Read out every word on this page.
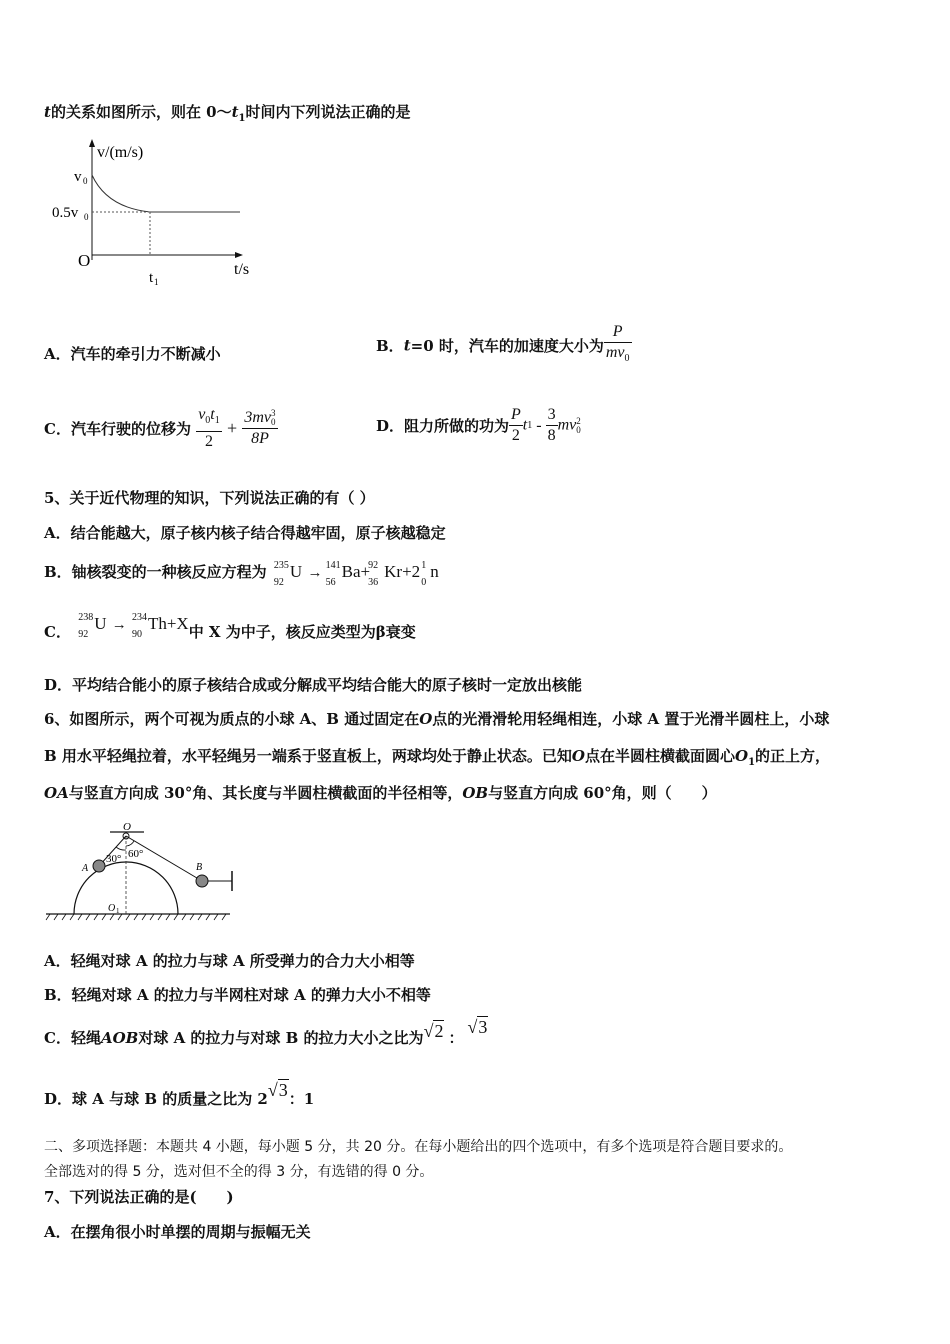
t的关系如图所示，则在 $0\sim t_1$时间内下列说法正确的是
v/(m/s)
v 0
0.5v 0
O
t 1
t/s
A．汽车的牵引力不断减小	B．t=0 时，汽车的加速度大小为 $\frac{P}{mv_0}$
C．汽车行驶的位移为 $\frac{v_0t_1}{2} + 3mv$ 3
0
8P	D．阻力所做的功为 $\frac{P}{2} t1 - \frac{3}{8}$ mv 2
0
5、关于近代物理的知识，下列说法正确的有（ ）
A．结合能越大，原子核内核子结合得越牢固，原子核越稳定
B．铀核裂变的一种核反应方程为 235
92
U → 141
56
Ba+
92
36
Kr+2 1
0
n
C．
238
92
U → 234
90
Th+X中 X 为中子，核反应类型为β衰变
D．平均结合能小的原子核结合成或分解成平均结合能大的原子核时一定放出核能
6、如图所示，两个可视为质点的小球 A、B 通过固定在O点的光滑滑轮用轻绳相连，小球 A 置于光滑半圆柱上，小球
B 用水平轻绳拉着，水平轻绳另一端系于竖直板上，两球均处于静止状态。已知O点在半圆柱横截面圆心$O_1$的正上方，
OA与竖直方向成 30°角、其长度与半圆柱横截面的半径相等，OB与竖直方向成 60°角，则（　　）
O
A	B
30° 60°
O 1
A．轻绳对球 A 的拉力与球 A 所受弹力的合力大小相等
B．轻绳对球 A 的拉力与半网柱对球 A 的弹力大小不相等
C．轻绳AOB对球 A 的拉力与对球 B 的拉力大小之比为√2 ：√3
D．球 A 与球 B 的质量之比为 2√3：1
二、多项选择题：本题共 4 小题，每小题 5 分，共 20 分。在每小题给出的四个选项中，有多个选项是符合题目要求的。
全部选对的得 5 分，选对但不全的得 3 分，有选错的得 0 分。
7、下列说法正确的是(　　)
A．在摆角很小时单摆的周期与振幅无关
